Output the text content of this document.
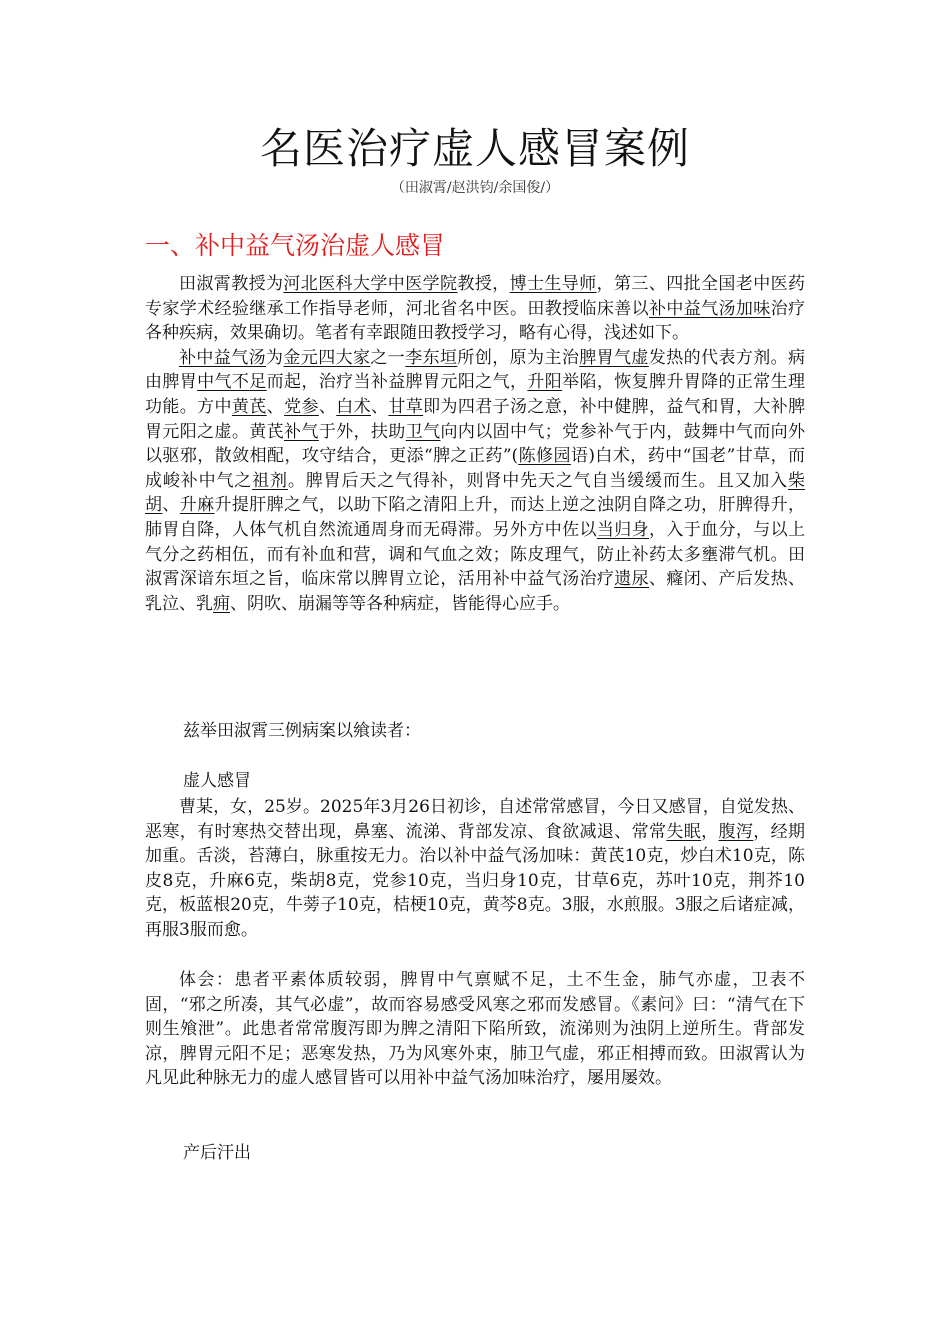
名医治疗虚人感冒案例
（田淑霄/赵洪钧/余国俊/）
一、补中益气汤治虚人感冒

田淑霄教授为河北医科大学中医学院教授，博士生导师，第三、四批全国老中医药专家学术经验继承工作指导老师，河北省名中医。田教授临床善以补中益气汤加味治疗各种疾病，效果确切。笔者有幸跟随田教授学习，略有心得，浅述如下。

补中益气汤为金元四大家之一李东垣所创，原为主治脾胃气虚发热的代表方剂。病由脾胃中气不足而起，治疗当补益脾胃元阳之气，升阳举陷，恢复脾升胃降的正常生理功能。方中黄芪、党参、白术、甘草即为四君子汤之意，补中健脾，益气和胃，大补脾胃元阳之虚。黄芪补气于外，扶助卫气向内以固中气；党参补气于内，鼓舞中气而向外以驱邪，散敛相配，攻守结合，更添“脾之正药”(陈修园语)白术，药中“国老”甘草，而成峻补中气之祖剂。脾胃后天之气得补，则肾中先天之气自当缓缓而生。且又加入柴胡、升麻升提肝脾之气，以助下陷之清阳上升，而达上逆之浊阴自降之功，肝脾得升，肺胃自降，人体气机自然流通周身而无碍滞。另外方中佐以当归身，入于血分，与以上气分之药相伍，而有补血和营，调和气血之效；陈皮理气，防止补药太多壅滞气机。田淑霄深谙东垣之旨，临床常以脾胃立论，活用补中益气汤治疗遗尿、癃闭、产后发热、乳泣、乳痈、阴吹、崩漏等等各种病症，皆能得心应手。

兹举田淑霄三例病案以飨读者：
虚人感冒

曹某，女，25岁。2025年3月26日初诊，自述常常感冒，今日又感冒，自觉发热、恶寒，有时寒热交替出现，鼻塞、流涕、背部发凉、食欲减退、常常失眠，腹泻，经期加重。舌淡，苔薄白，脉重按无力。治以补中益气汤加味：黄芪10克，炒白术10克，陈皮8克，升麻6克，柴胡8克，党参10克，当归身10克，甘草6克，苏叶10克，荆芥10克，板蓝根20克，牛蒡子10克，桔梗10克，黄芩8克。3服，水煎服。3服之后诸症减，再服3服而愈。

体会：患者平素体质较弱，脾胃中气禀赋不足，土不生金，肺气亦虚，卫表不固，“邪之所凑，其气必虚”，故而容易感受风寒之邪而发感冒。《素问》曰：“清气在下则生飧泄”。此患者常常腹泻即为脾之清阳下陷所致，流涕则为浊阴上逆所生。背部发凉，脾胃元阳不足；恶寒发热，乃为风寒外束，肺卫气虚，邪正相搏而致。田淑霄认为凡见此种脉无力的虚人感冒皆可以用补中益气汤加味治疗，屡用屡效。

产后汗出
